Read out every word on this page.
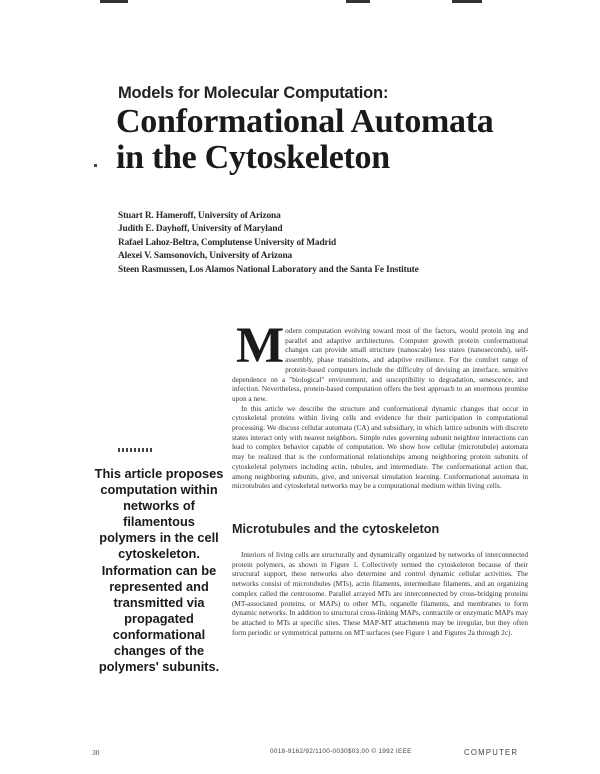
Models for Molecular Computation:
Conformational Automata
in the Cytoskeleton
Stuart R. Hameroff, University of Arizona
Judith E. Dayhoff, University of Maryland
Rafael Lahoz-Beltra, Complutense University of Madrid
Alexei V. Samsonovich, University of Arizona
Steen Rasmussen, Los Alamos National Laboratory and the Santa Fe Institute

Modern computation evolving toward most of the factors, would protein ing and parallel and adaptive architectures. Computer growth protein conformational changes can provide small structure (nanoscale) less states (nanoseconds), self-assembly, phase transitions, and adaptive resilience. For the comfort range of protein-based computers include the difficulty of devising an interface, sensitive dependence on a "biological" environment, and susceptibility to degradation, senescence, and infection. Nevertheless, protein-based computation offers the best approach to an enormous promise upon a new.

In this article we describe the structure and conformational dynamic changes that occur in cytoskeletal proteins within living cells and evidence for their participation in computational processing. We discuss cellular automata (CA) and subsidiary, in which lattice subunits with discrete states interact only with nearest neighbors. Simple rules governing subunit neighbor interactions can lead to complex behavior capable of computation. We show how cellular (microtubule) automata may be realized that is the conformational relationships among neighboring protein subunits of cytoskeletal polymers including actin, tubules, and intermediate. The conformational action that, among neighboring subunits, give, and universal simulation learning. Conformational automata in microtubules and cytoskeletal networks may be a computational medium within living cells.

This article proposes computation within networks of filamentous polymers in the cell cytoskeleton. Information can be represented and transmitted via propagated conformational changes of the polymers' subunits.
Microtubules and the cytoskeleton

Interiors of living cells are structurally and dynamically organized by networks of interconnected protein polymers, as shown in Figure 1. Collectively termed the cytoskeleton because of their structural support, these networks also determine and control dynamic cellular activities. The networks consist of microtubules (MTs), actin filaments, intermediate filaments, and an organizing complex called the centrosome. Parallel arrayed MTs are interconnected by cross-bridging proteins (MT-associated proteins, or MAPs) to other MTs, organelle filaments, and membranes to form dynamic networks. In addition to structural cross-linking MAPs, contractile or enzymatic MAPs may be attached to MTs at specific sites. These MAP-MT attachments may be irregular, but they often form periodic or symmetrical patterns on MT surfaces (see Figure 1 and Figures 2a through 2c).

30	0018-9162/92/1100-0030$03.00 © 1992 IEEE	COMPUTER
